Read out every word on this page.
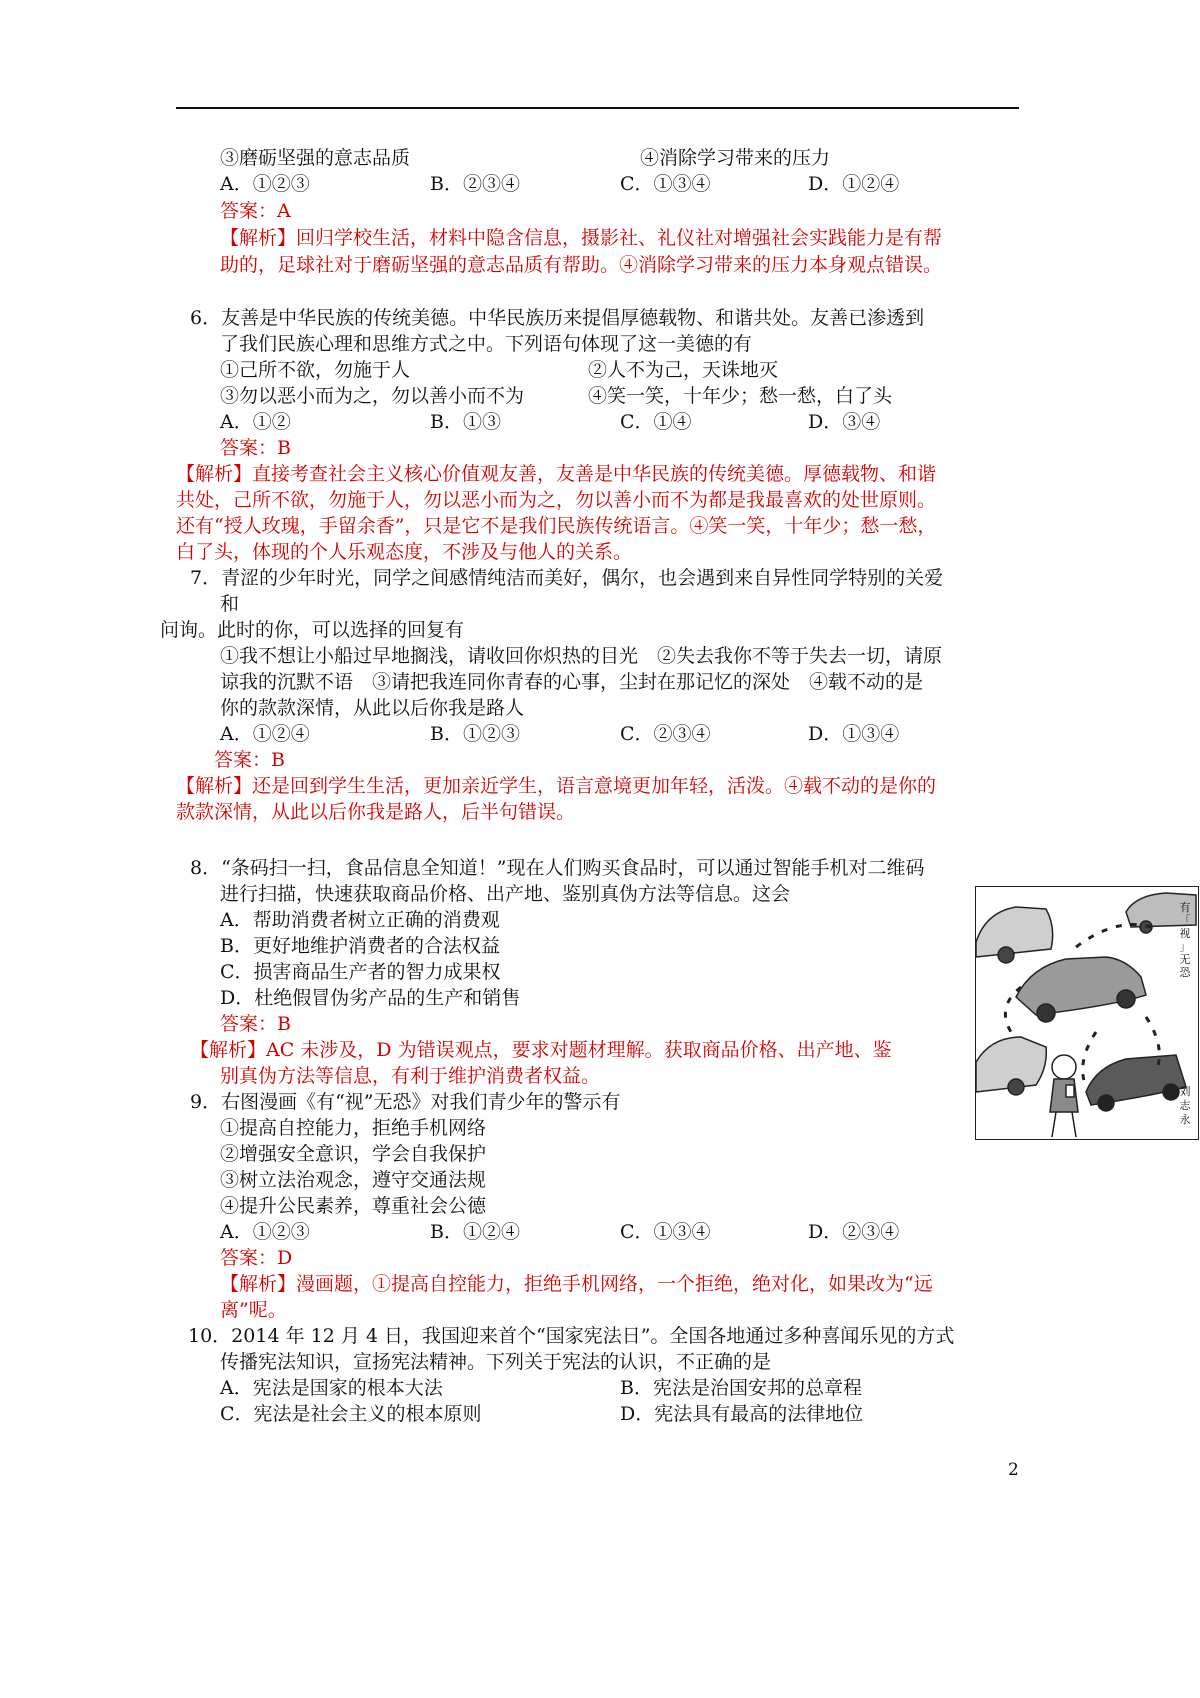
③磨砺坚强的意志品质	④消除学习带来的压力
A．①②③	B．②③④	C．①③④	D．①②④
答案：A
【解析】回归学校生活，材料中隐含信息，摄影社、礼仪社对增强社会实践能力是有帮
助的，足球社对于磨砺坚强的意志品质有帮助。④消除学习带来的压力本身观点错误。
6．友善是中华民族的传统美德。中华民族历来提倡厚德载物、和谐共处。友善已渗透到
了我们民族心理和思维方式之中。下列语句体现了这一美德的有
①己所不欲，勿施于人	②人不为己，天诛地灭
③勿以恶小而为之，勿以善小而不为	④笑一笑，十年少；愁一愁，白了头
A．①②	B．①③	C．①④	D．③④
答案：B
【解析】直接考查社会主义核心价值观友善，友善是中华民族的传统美德。厚德载物、和谐
共处，己所不欲，勿施于人，勿以恶小而为之，勿以善小而不为都是我最喜欢的处世原则。
还有“授人玫瑰，手留余香”，只是它不是我们民族传统语言。④笑一笑，十年少；愁一愁，
白了头，体现的个人乐观态度，不涉及与他人的关系。
7．青涩的少年时光，同学之间感情纯洁而美好，偶尔，也会遇到来自异性同学特别的关爱
和
问询。此时的你，可以选择的回复有
①我不想让小船过早地搁浅，请收回你炽热的目光　②失去我你不等于失去一切，请原
谅我的沉默不语　③请把我连同你青春的心事，尘封在那记忆的深处　④载不动的是
你的款款深情，从此以后你我是路人
A．①②④	B．①②③	C．②③④	D．①③④
答案：B
【解析】还是回到学生生活，更加亲近学生，语言意境更加年轻，活泼。④载不动的是你的
款款深情，从此以后你我是路人，后半句错误。
8．“条码扫一扫，食品信息全知道！”现在人们购买食品时，可以通过智能手机对二维码
进行扫描，快速获取商品价格、出产地、鉴别真伪方法等信息。这会
A．帮助消费者树立正确的消费观
B．更好地维护消费者的合法权益
C．损害商品生产者的智力成果权
D．杜绝假冒伪劣产品的生产和销售
答案：B
【解析】AC 未涉及，D 为错误观点，要求对题材理解。获取商品价格、出产地、鉴
别真伪方法等信息，有利于维护消费者权益。
9．右图漫画《有“视”无恐》对我们青少年的警示有
①提高自控能力，拒绝手机网络
②增强安全意识，学会自我保护
③树立法治观念，遵守交通法规
④提升公民素养，尊重社会公德
A．①②③	B．①②④	C．①③④	D．②③④
答案：D
【解析】漫画题，①提高自控能力，拒绝手机网络，一个拒绝，绝对化，如果改为“远
离”呢。
10．2014 年 12 月 4 日，我国迎来首个“国家宪法日”。全国各地通过多种喜闻乐见的方式
传播宪法知识，宣扬宪法精神。下列关于宪法的认识，不正确的是
A．宪法是国家的根本大法	B．宪法是治国安邦的总章程
C．宪法是社会主义的根本原则	D．宪法具有最高的法律地位
有
「
视
」
无
恐
刘
志
永
2
